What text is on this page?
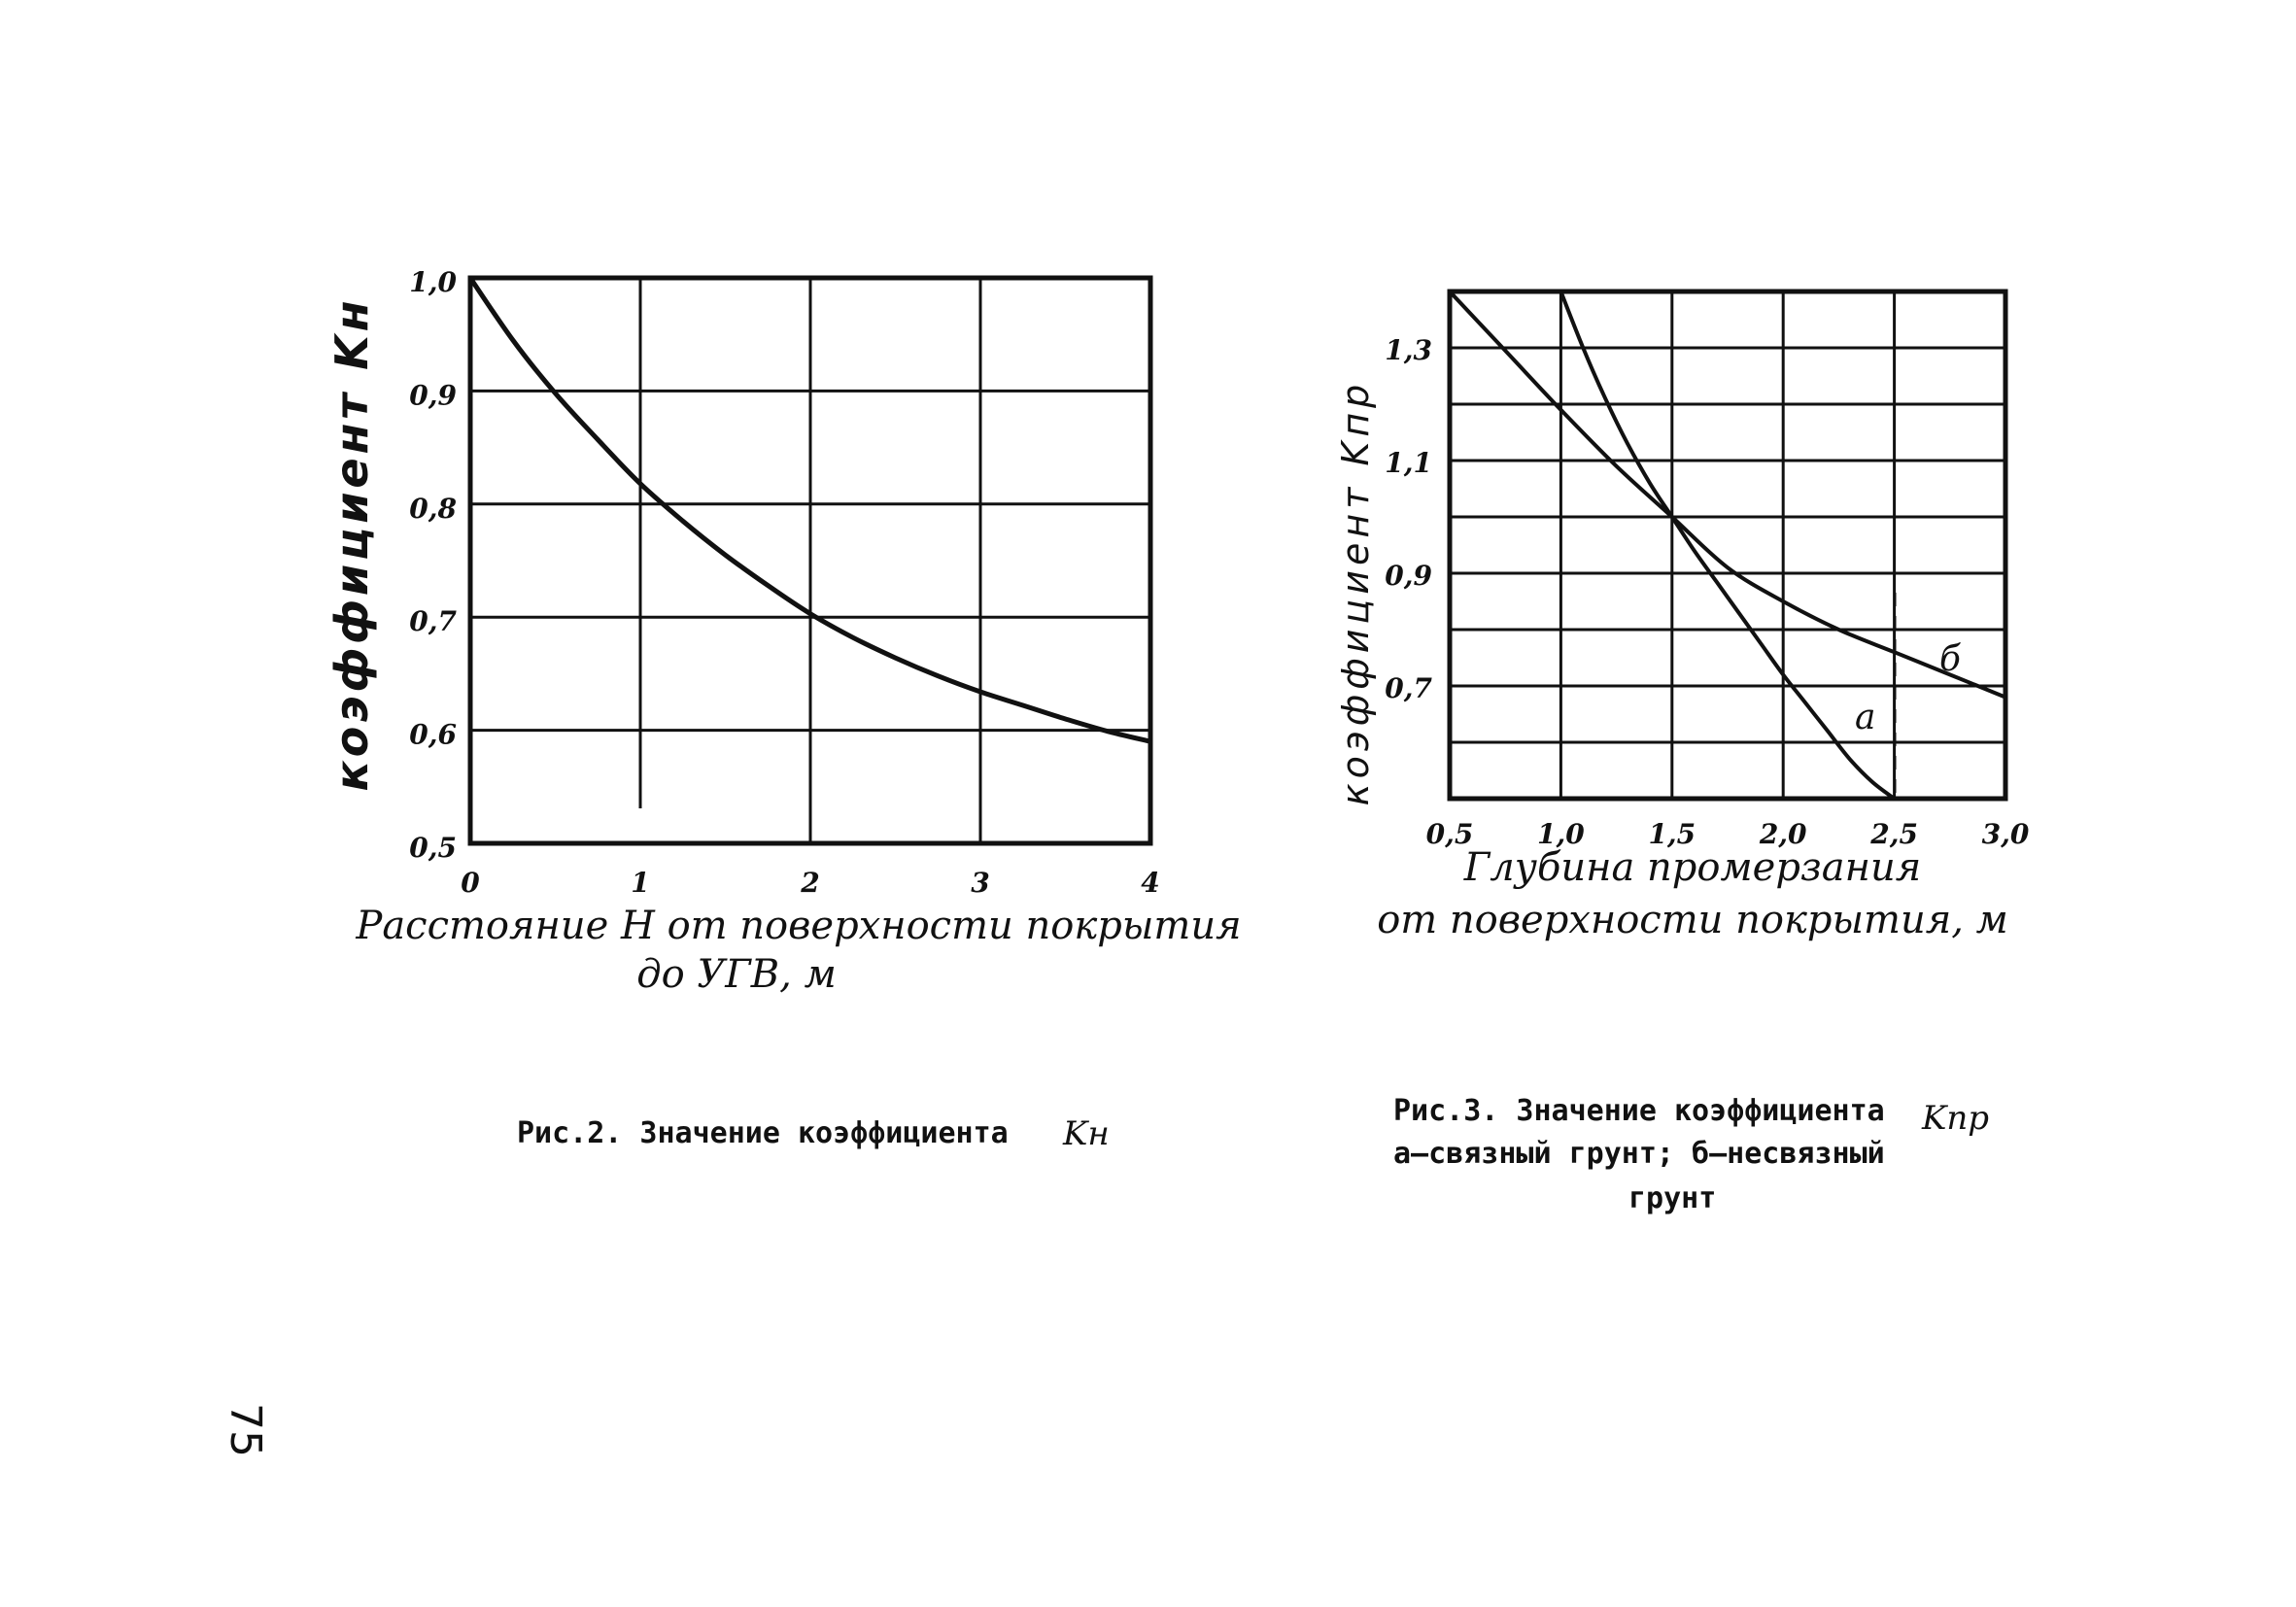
0	1	2	3	4
1,0
0,9
0,8
0,7
0,6
0,5
коэффициент Kн
Расстояние Н от поверхности покрытия
до УГВ, м
0,5 1,0 1,5 2,0 2,5 3,0
1,3
1,1
0,9
0,7
а
б
коэффициент Kпр
Глубина промерзания
от поверхности покрытия, м
Рис.2. Значение коэффициента Kн
Рис.3. Значение коэффициента Kпр
а—связный грунт; б—несвязный
грунт
75
